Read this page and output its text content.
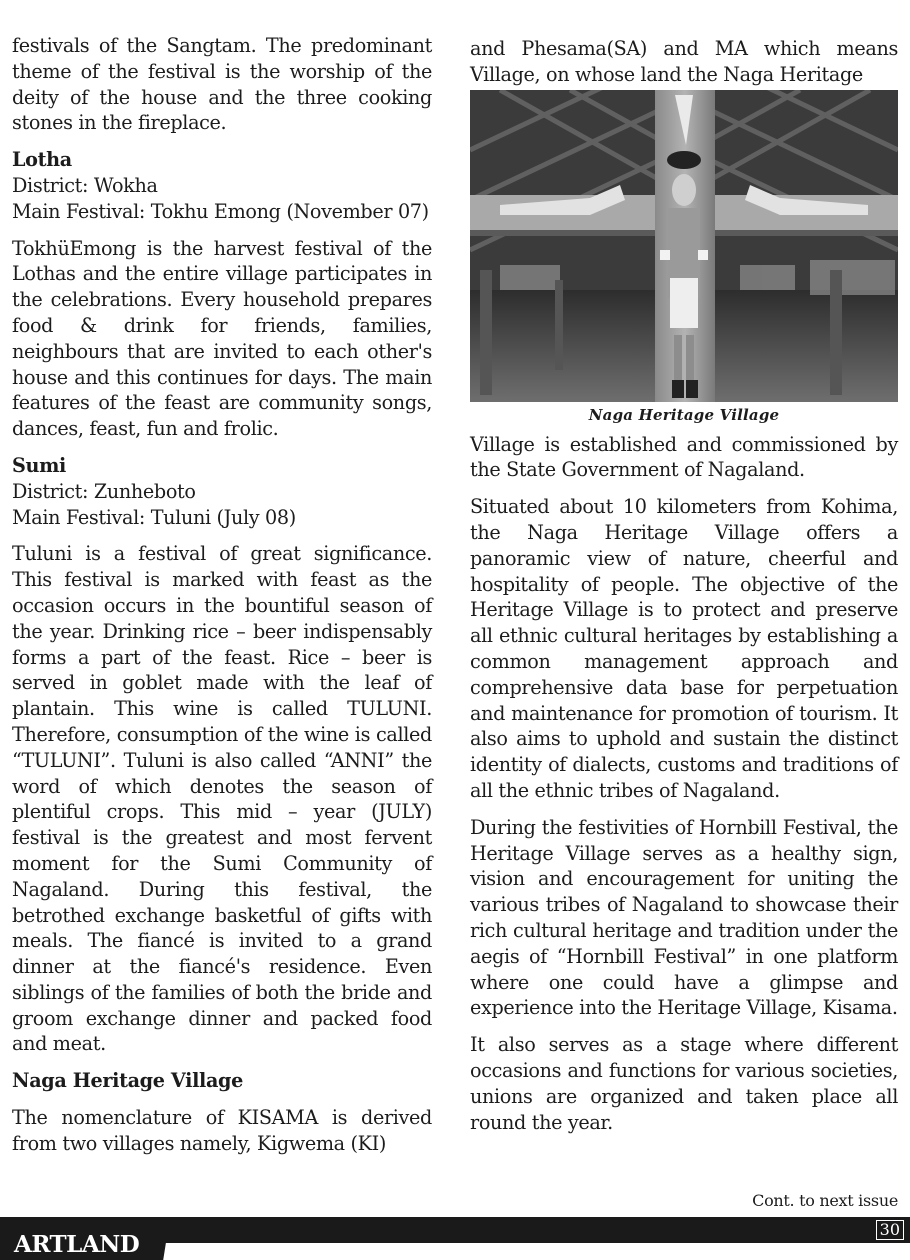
festivals of the Sangtam. The predominant theme of the festival is the worship of the deity of the house and the three cooking stones in the fireplace.

Lotha
District: Wokha

Main Festival: Tokhu Emong (November 07)

TokhüEmong is the harvest festival of the Lothas and the entire village participates in the celebrations. Every household prepares food & drink for friends, families, neighbours that are invited to each other's house and this continues for days. The main features of the feast are community songs, dances, feast, fun and frolic.

Sumi
District: Zunheboto
Main Festival: Tuluni (July 08)

Tuluni is a festival of great significance. This festival is marked with feast as the occasion occurs in the bountiful season of the year. Drinking rice – beer indispensably forms a part of the feast. Rice – beer is served in goblet made with the leaf of plantain. This wine is called TULUNI. Therefore, consumption of the wine is called “TULUNI”. Tuluni is also called “ANNI” the word of which denotes the season of plentiful crops. This mid – year (JULY) festival is the greatest and most fervent moment for the Sumi Community of Nagaland. During this festival, the betrothed exchange basketful of gifts with meals. The fiancé is invited to a grand dinner at the fiancé's residence. Even siblings of the families of both the bride and groom exchange dinner and packed food and meat.

Naga Heritage Village

The nomenclature of KISAMA is derived from two villages namely, Kigwema (KI)

and Phesama(SA) and MA which means Village, on whose land the Naga Heritage

Naga Heritage Village

Village is established and commissioned by the State Government of Nagaland.

Situated about 10 kilometers from Kohima, the Naga Heritage Village offers a panoramic view of nature, cheerful and hospitality of people. The objective of the Heritage Village is to protect and preserve all ethnic cultural heritages by establishing a common management approach and comprehensive data base for perpetuation and maintenance for promotion of tourism. It also aims to uphold and sustain the distinct identity of dialects, customs and traditions of all the ethnic tribes of Nagaland.

During the festivities of Hornbill Festival, the Heritage Village serves as a healthy sign, vision and encouragement for uniting the various tribes of Nagaland to showcase their rich cultural heritage and tradition under the aegis of “Hornbill Festival” in one platform where one could have a glimpse and experience into the Heritage Village, Kisama.

It also serves as a stage where different occasions and functions for various societies, unions are organized and taken place all round the year.

Cont. to next issue
ARTLAND
30
